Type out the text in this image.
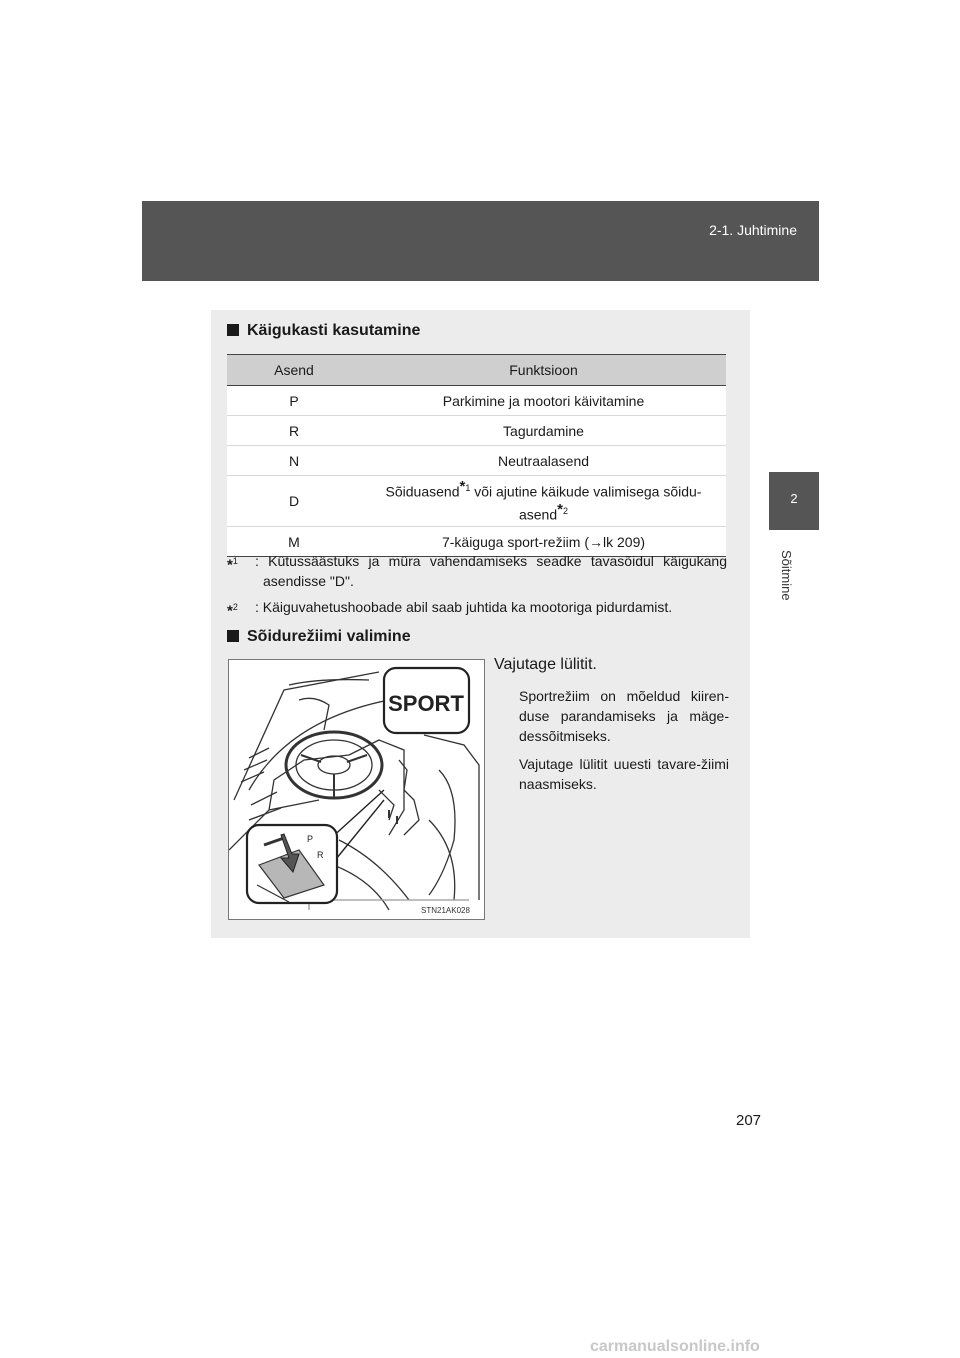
2-1. Juhtimine
2
Sõitmine
Käigukasti kasutamine
Asend	Funktsioon
P	Parkimine ja mootori käivitamine
R	Tagurdamine
N	Neutraalasend
D	Sõiduasend$^{*1}$ või ajutine käikude valimisega sõidu-
asend$^{*2}$
M	7-käiguga sport-režiim (→lk 209)
*$^1$	: Kütussäästuks ja müra vahendamiseks seadke tavasõidul käigukang asendisse "D".
*$^2$	: Käiguvahetushoobade abil saab juhtida ka mootoriga pidurdamist.
Sõidurežiimi valimine
SPORT
P
R
STN21AK028
Vajutage lülitit.
Sportrežiim on mõeldud kiiren-duse parandamiseks ja mäge-dessõitmiseks.
Vajutage lülitit uuesti tavare-žiimi naasmiseks.
207
carmanualsonline.info
